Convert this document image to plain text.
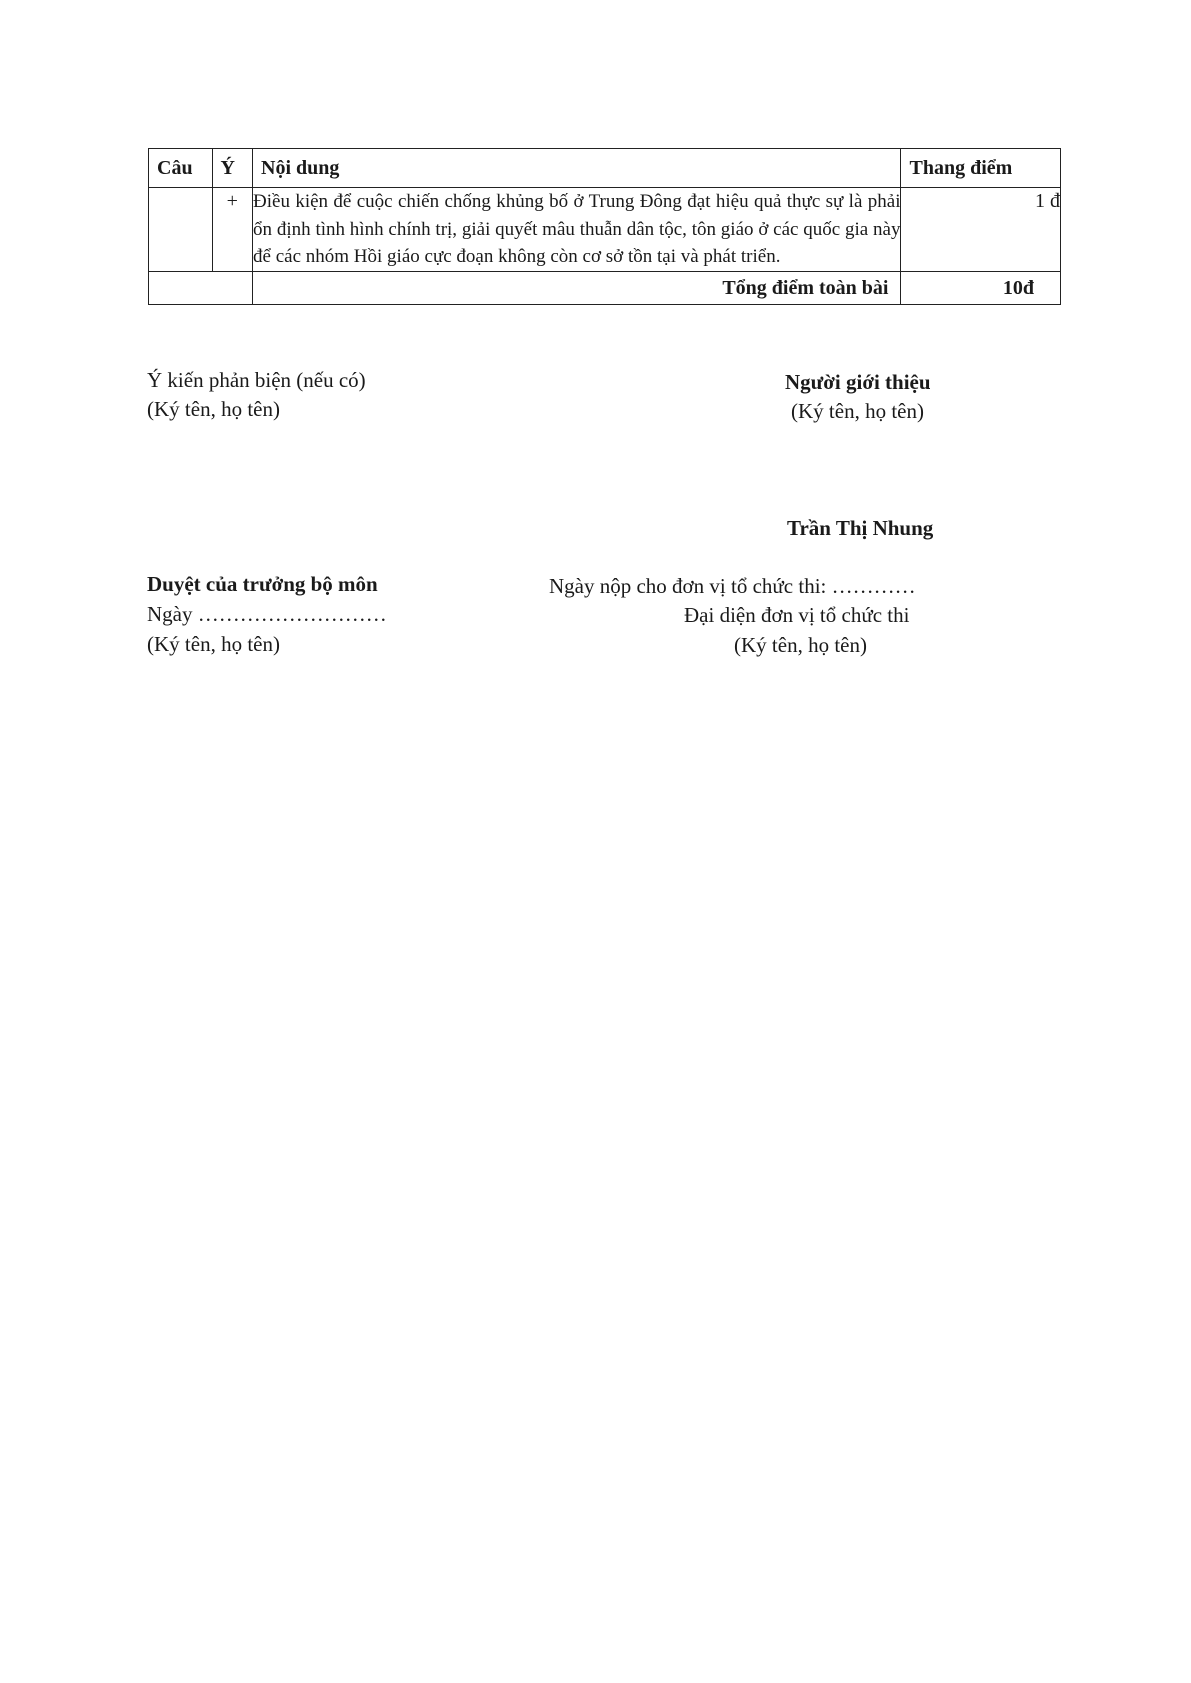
Câu	Ý	Nội dung	Thang điểm
	+	Điều kiện để cuộc chiến chống khủng bố ở Trung Đông đạt hiệu quả thực sự là phải ổn định tình hình chính trị, giải quyết mâu thuẫn dân tộc, tôn giáo ở các quốc gia này để các nhóm Hồi giáo cực đoạn không còn cơ sở tồn tại và phát triển.	1 đ
		Tổng điểm toàn bài	10đ
Ý kiến phản biện (nếu có)
(Ký tên, họ tên)
Người giới thiệu
(Ký tên, họ tên)
Trần Thị Nhung
Duyệt của trưởng bộ môn
Ngày ………………………
(Ký tên, họ tên)
Ngày nộp cho đơn vị tổ chức thi: …………
Đại diện đơn vị tổ chức thi
(Ký tên, họ tên)
